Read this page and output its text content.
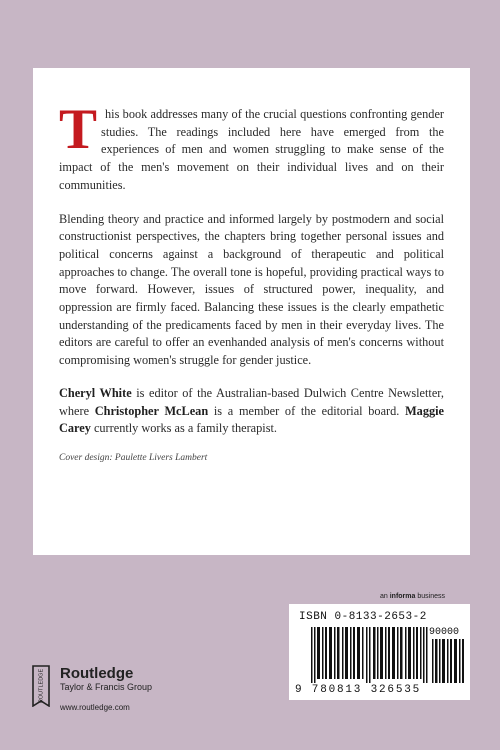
This book addresses many of the crucial questions confronting gender studies. The readings included here have emerged from the experiences of men and women struggling to make sense of the impact of the men's movement on their individual lives and on their communities.

Blending theory and practice and informed largely by postmodern and social constructionist perspectives, the chapters bring together personal issues and political concerns against a background of therapeutic and political approaches to change. The overall tone is hopeful, providing practical ways to move forward. However, issues of structured power, inequality, and oppression are firmly faced. Balancing these issues is the clearly empathetic understanding of the predicaments faced by men in their everyday lives. The editors are careful to offer an evenhanded analysis of men's concerns without compromising women's struggle for gender justice.

Cheryl White is editor of the Australian-based Dulwich Centre Newsletter, where Christopher McLean is a member of the editorial board. Maggie Carey currently works as a family therapist.

Cover design: Paulette Livers Lambert
an informa business
ISBN 0-8133-2653-2
90000
9 780813 326535
ROUTLEDGE Routledge
Taylor & Francis Group
www.routledge.com
